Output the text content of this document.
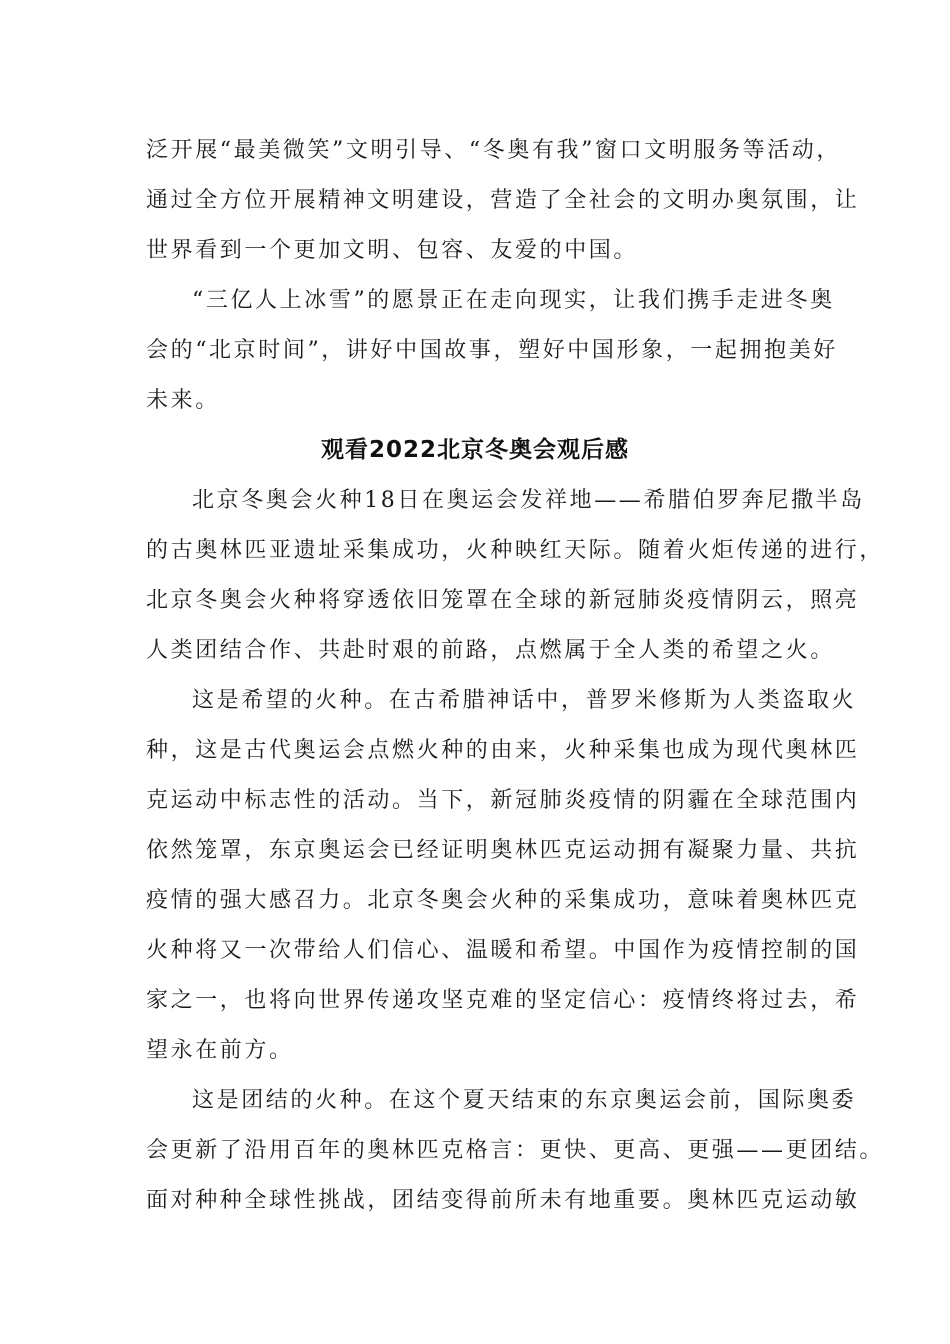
泛开展“最美微笑”文明引导、“冬奥有我”窗口文明服务等活动，
通过全方位开展精神文明建设，营造了全社会的文明办奥氛围，让
世界看到一个更加文明、包容、友爱的中国。
“三亿人上冰雪”的愿景正在走向现实，让我们携手走进冬奥
会的“北京时间”，讲好中国故事，塑好中国形象，一起拥抱美好
未来。
观看2022北京冬奥会观后感
北京冬奥会火种18日在奥运会发祥地——希腊伯罗奔尼撒半岛
的古奥林匹亚遗址采集成功，火种映红天际。随着火炬传递的进行，
北京冬奥会火种将穿透依旧笼罩在全球的新冠肺炎疫情阴云，照亮
人类团结合作、共赴时艰的前路，点燃属于全人类的希望之火。
这是希望的火种。在古希腊神话中，普罗米修斯为人类盗取火
种，这是古代奥运会点燃火种的由来，火种采集也成为现代奥林匹
克运动中标志性的活动。当下，新冠肺炎疫情的阴霾在全球范围内
依然笼罩，东京奥运会已经证明奥林匹克运动拥有凝聚力量、共抗
疫情的强大感召力。北京冬奥会火种的采集成功，意味着奥林匹克
火种将又一次带给人们信心、温暖和希望。中国作为疫情控制的国
家之一，也将向世界传递攻坚克难的坚定信心：疫情终将过去，希
望永在前方。
这是团结的火种。在这个夏天结束的东京奥运会前，国际奥委
会更新了沿用百年的奥林匹克格言：更快、更高、更强——更团结。
面对种种全球性挑战，团结变得前所未有地重要。奥林匹克运动敏
